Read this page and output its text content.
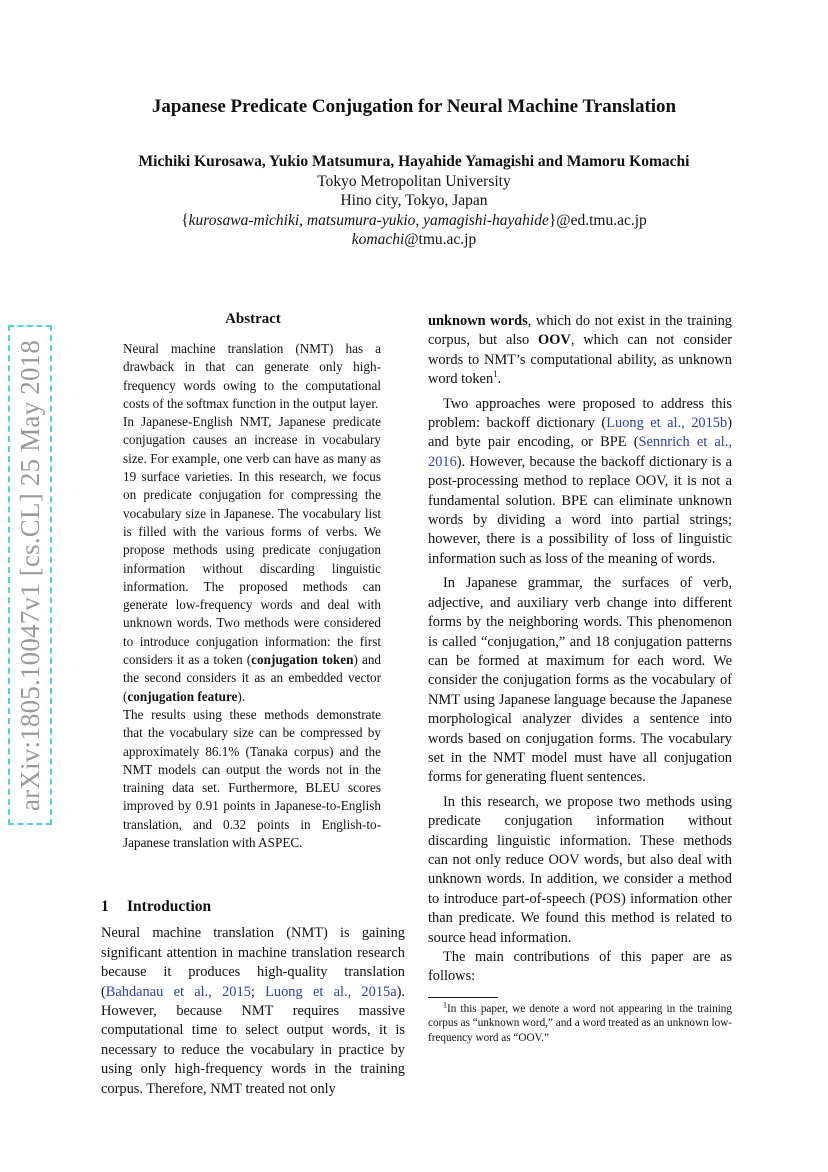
arXiv:1805.10047v1 [cs.CL] 25 May 2018
Japanese Predicate Conjugation for Neural Machine Translation
Michiki Kurosawa, Yukio Matsumura, Hayahide Yamagishi and Mamoru Komachi
Tokyo Metropolitan University
Hino city, Tokyo, Japan
{kurosawa-michiki, matsumura-yukio, yamagishi-hayahide}@ed.tmu.ac.jp
komachi@tmu.ac.jp
Abstract

Neural machine translation (NMT) has a drawback in that can generate only high-frequency words owing to the computational costs of the softmax function in the output layer.

In Japanese-English NMT, Japanese predicate conjugation causes an increase in vocabulary size. For example, one verb can have as many as 19 surface varieties. In this research, we focus on predicate conjugation for compressing the vocabulary size in Japanese. The vocabulary list is filled with the various forms of verbs. We propose methods using predicate conjugation information without discarding linguistic information. The proposed methods can generate low-frequency words and deal with unknown words. Two methods were considered to introduce conjugation information: the first considers it as a token (conjugation token) and the second considers it as an embedded vector (conjugation feature).

The results using these methods demonstrate that the vocabulary size can be compressed by approximately 86.1% (Tanaka corpus) and the NMT models can output the words not in the training data set. Furthermore, BLEU scores improved by 0.91 points in Japanese-to-English translation, and 0.32 points in English-to-Japanese translation with ASPEC.

1 Introduction

Neural machine translation (NMT) is gaining significant attention in machine translation research because it produces high-quality translation (Bahdanau et al., 2015; Luong et al., 2015a). However, because NMT requires massive computational time to select output words, it is necessary to reduce the vocabulary in practice by using only high-frequency words in the training corpus. Therefore, NMT treated not only

unknown words, which do not exist in the training corpus, but also OOV, which can not consider words to NMT’s computational ability, as unknown word token$^1$.

Two approaches were proposed to address this problem: backoff dictionary (Luong et al., 2015b) and byte pair encoding, or BPE (Sennrich et al., 2016). However, because the backoff dictionary is a post-processing method to replace OOV, it is not a fundamental solution. BPE can eliminate unknown words by dividing a word into partial strings; however, there is a possibility of loss of linguistic information such as loss of the meaning of words.

In Japanese grammar, the surfaces of verb, adjective, and auxiliary verb change into different forms by the neighboring words. This phenomenon is called “conjugation,” and 18 conjugation patterns can be formed at maximum for each word. We consider the conjugation forms as the vocabulary of NMT using Japanese language because the Japanese morphological analyzer divides a sentence into words based on conjugation forms. The vocabulary set in the NMT model must have all conjugation forms for generating fluent sentences.

In this research, we propose two methods using predicate conjugation information without discarding linguistic information. These methods can not only reduce OOV words, but also deal with unknown words. In addition, we consider a method to introduce part-of-speech (POS) information other than predicate. We found this method is related to source head information.

The main contributions of this paper are as follows:

$^1$In this paper, we denote a word not appearing in the training corpus as “unknown word,” and a word treated as an unknown low-frequency word as “OOV.”
